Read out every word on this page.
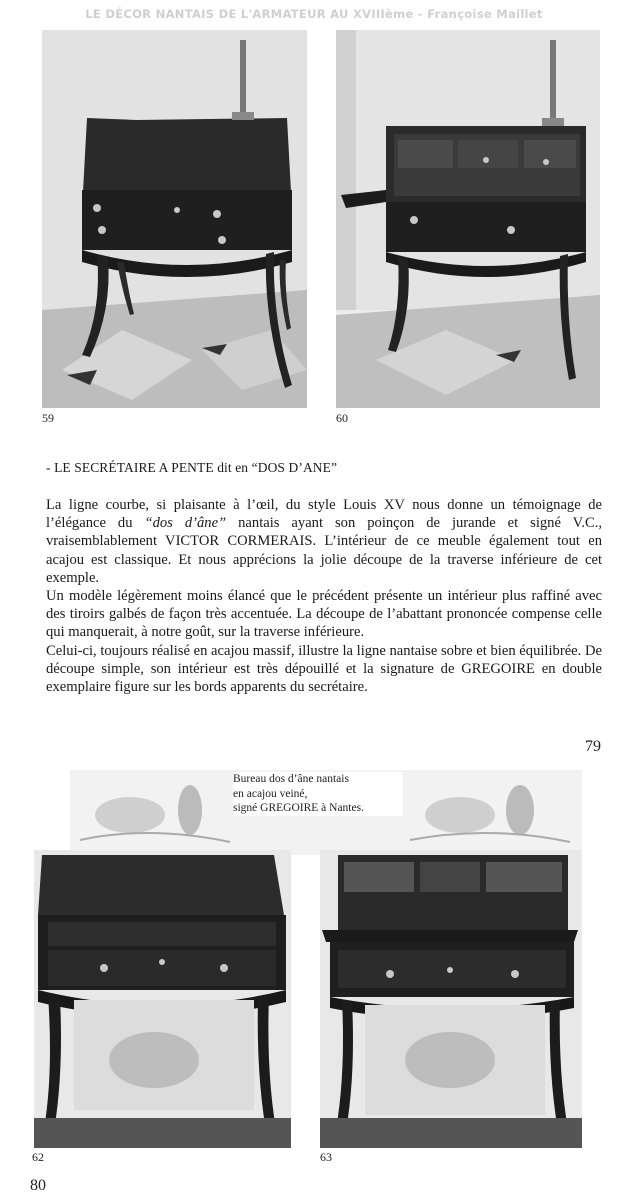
LE DÉCOR NANTAIS DE L'ARMATEUR AU XVIIIème - Françoise Maillet
59	60
- LE SECRÉTAIRE A PENTE dit en “DOS D’ANE”

La ligne courbe, si plaisante à l’œil, du style Louis XV nous donne un témoignage de l’élégance du “dos d’âne” nantais ayant son poinçon de jurande et signé V.C., vraisemblablement VICTOR CORMERAIS. L’intérieur de ce meuble également tout en acajou est classique. Et nous apprécions la jolie découpe de la traverse inférieure de cet exemple.

Un modèle légèrement moins élancé que le précédent présente un intérieur plus raffiné avec des tiroirs galbés de façon très accentuée. La découpe de l’abattant prononcée compense celle qui manquerait, à notre goût, sur la traverse inférieure.

Celui-ci, toujours réalisé en acajou massif, illustre la ligne nantaise sobre et bien équilibrée. De découpe simple, son intérieur est très dépouillé et la signature de GREGOIRE en double exemplaire figure sur les bords apparents du secrétaire.

79
62	63
Bureau dos d’âne nantais
en acajou veiné,
signé GREGOIRE à Nantes.
80
